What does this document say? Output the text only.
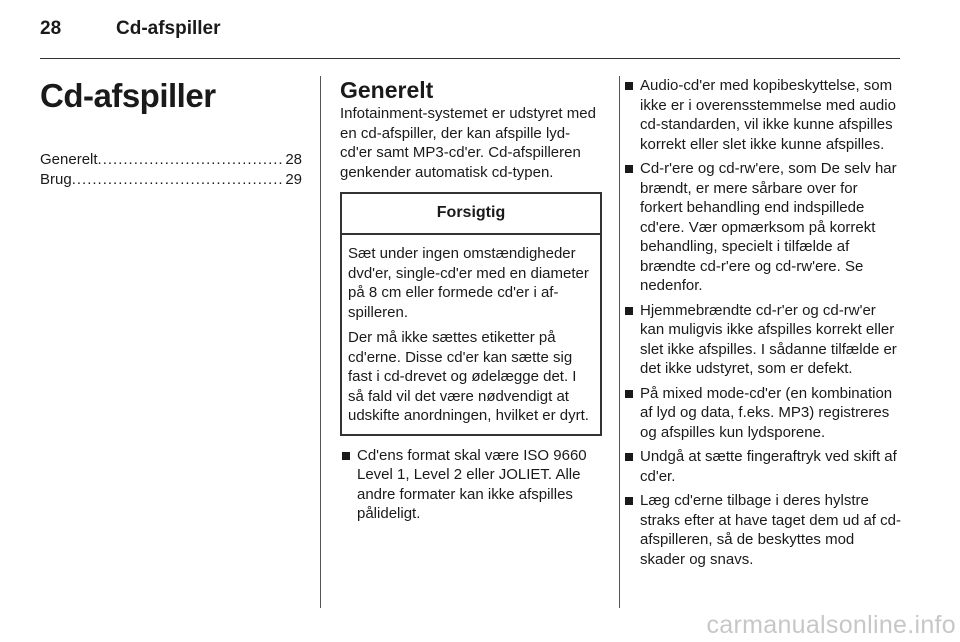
28	Cd-afspiller
Cd-afspiller
Generelt .....	28
Brug .....	29
Generelt

Infotainment-systemet er udstyret med en cd-afspiller, der kan afspille lyd-cd'er samt MP3-cd'er. Cd-afspilleren genkender automatisk cd-typen.

Forsigtig

Sæt under ingen omstændigheder dvd'er, single-cd'er med en diameter på 8 cm eller formede cd'er i afspilleren.

Der må ikke sættes etiketter på cd'erne. Disse cd'er kan sætte sig fast i cd-drevet og ødelægge det. I så fald vil det være nødvendigt at udskifte anordningen, hvilket er dyrt.

Cd'ens format skal være ISO 9660 Level 1, Level 2 eller JOLIET. Alle andre formater kan ikke afspilles pålideligt.
Audio-cd'er med kopibeskyttelse, som ikke er i overensstemmelse med audio cd-standarden, vil ikke kunne afspilles korrekt eller slet ikke kunne afspilles.
Cd-r'ere og cd-rw'ere, som De selv har brændt, er mere sårbare over for forkert behandling end indspillede cd'ere. Vær opmærksom på korrekt behandling, specielt i tilfælde af brændte cd-r'ere og cd-rw'ere. Se nedenfor.
Hjemmebrændte cd-r'er og cd-rw'er kan muligvis ikke afspilles korrekt eller slet ikke afspilles. I sådanne tilfælde er det ikke udstyret, som er defekt.
På mixed mode-cd'er (en kombination af lyd og data, f.eks. MP3) registreres og afspilles kun lydsporene.
Undgå at sætte fingeraftryk ved skift af cd'er.
Læg cd'erne tilbage i deres hylstre straks efter at have taget dem ud af cd-afspilleren, så de beskyttes mod skader og snavs.
carmanualsonline.info
